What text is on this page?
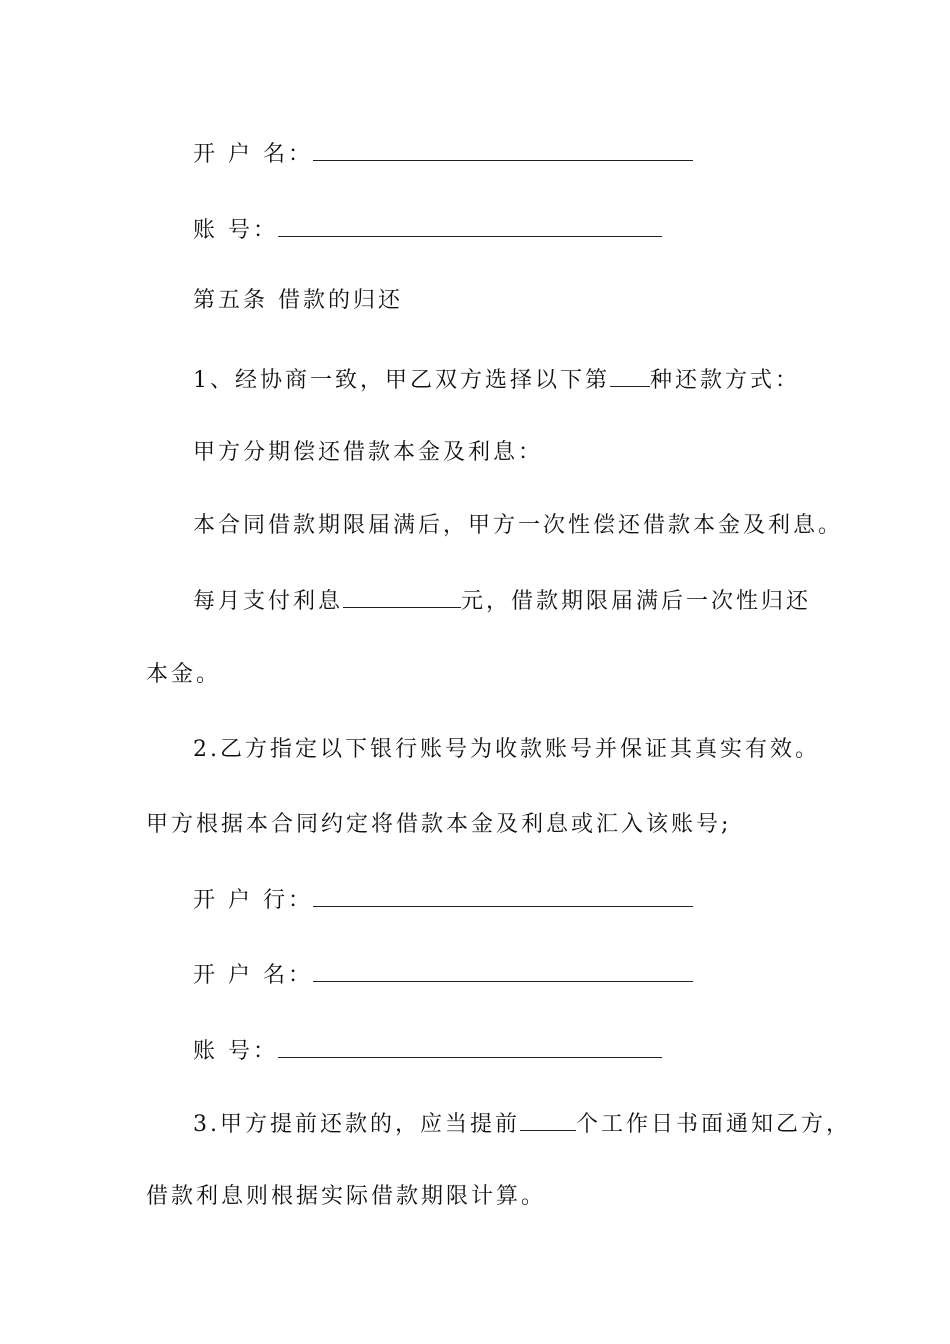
开 户 名：
账 号：
第五条 借款的归还
1、经协商一致，甲乙双方选择以下第 种还款方式：
甲方分期偿还借款本金及利息：
本合同借款期限届满后，甲方一次性偿还借款本金及利息。
每月支付利息	元，借款期限届满后一次性归还
本金。
2.乙方指定以下银行账号为收款账号并保证其真实有效。
甲方根据本合同约定将借款本金及利息或汇入该账号;
开 户 行：
开 户 名：
账 号：
3.甲方提前还款的，应当提前	个工作日书面通知乙方，
借款利息则根据实际借款期限计算。
